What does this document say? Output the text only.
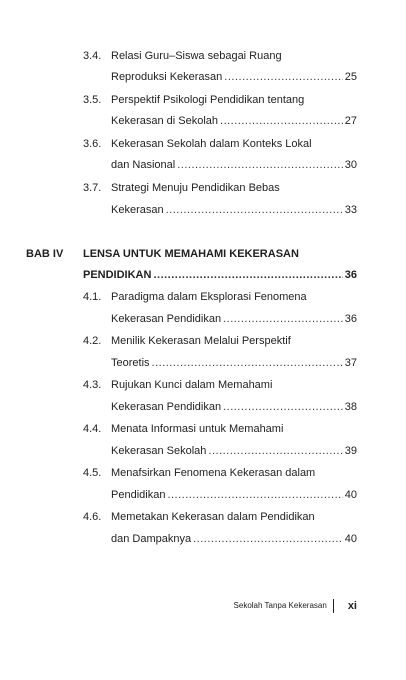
3.4. Relasi Guru–Siswa sebagai Ruang
Reproduksi Kekerasan .....	25
3.5. Perspektif Psikologi Pendidikan tentang
Kekerasan di Sekolah .....	27
3.6. Kekerasan Sekolah dalam Konteks Lokal
dan Nasional .....	30
3.7. Strategi Menuju Pendidikan Bebas
Kekerasan .....	33
BAB IV LENSA UNTUK MEMAHAMI KEKERASAN
PENDIDIKAN .....	36
4.1. Paradigma dalam Eksplorasi Fenomena
Kekerasan Pendidikan .....	36
4.2. Menilik Kekerasan Melalui Perspektif
Teoretis .....	37
4.3. Rujukan Kunci dalam Memahami
Kekerasan Pendidikan .....	38
4.4. Menata Informasi untuk Memahami
Kekerasan Sekolah .....	39
4.5. Menafsirkan Fenomena Kekerasan dalam
Pendidikan .....	40
4.6. Memetakan Kekerasan dalam Pendidikan
dan Dampaknya .....	40
Sekolah Tanpa Kekerasan xi
